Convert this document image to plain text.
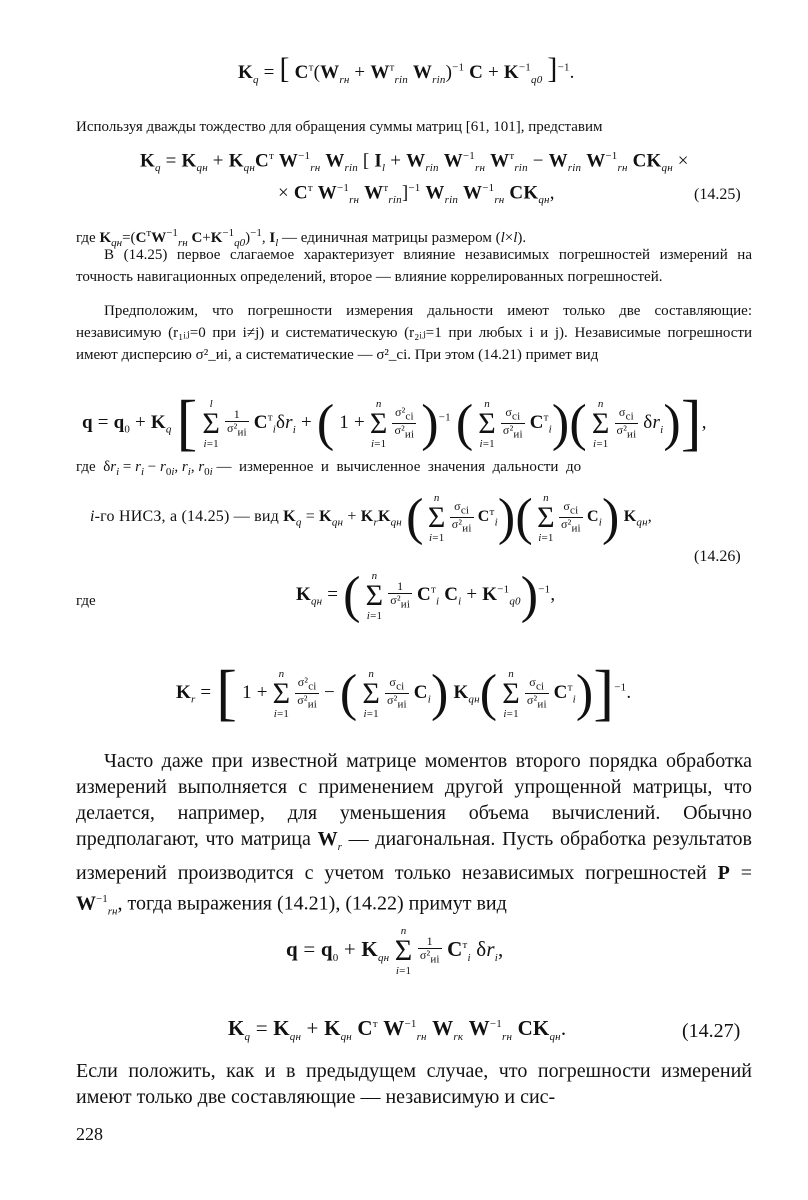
$K_q$ = [ $C^т(W_{rн} + W^т_{rin}$ $W_{rin})^{-1}$ $C + K^{-1}_{q0}$ ]$^{-1}$.

Используя дважды тождество для обращения суммы матриц [61, 101], представим

$K_q = K_{qн} + K_{qн}C^т$ $W^{-1}_{rн}$ $W_{rin}$ [ $I_l + W_{rin}$ $W^{-1}_{rн}$ $W^т_{rin} - W_{rin}$ $W^{-1}_{rн}$ $CK_{qн}$ ×
× $C^т$ $W^{-1}_{rн}$ $W^т_{rin}]^{-1}$ $W_{rin}$ $W^{-1}_{rн}$ $CK_{qн}$,	(14.25)

где $K_{qн}=(C^тW^{-1}_{rн}$ $C+K^{-1}_{q0})^{-1}$, $I_l$ — единичная матрицы размером (l×l).

В (14.25) первое слагаемое характеризует влияние независимых погрешностей измерений на точность навигационных определений, второе — влияние коррелированных погрешностей.

Предположим, что погрешности измерения дальности имеют только две составляющие: независимую (r₁ᵢⱼ=0 при i≠j) и систематическую (r₂ᵢⱼ=1 при любых i и j). Независимые погрешности имеют дисперсию σ²_иi, а систематические — σ²_ci. При этом (14.21) примет вид

$q = q_0 + K_q$ [ l
Σ
i=1
$\frac{1}{\sigma^2_{иi}} C^т_i\delta r_i$ + ( 1 + n
Σ
i=1
$\frac{\sigma^2_{ci}}{\sigma^2_{иi}} )^{-1}$ ( n
Σ
i=1
$\frac{\sigma_{ci}}{\sigma^2_{иi}} C^т_i$)( n
Σ
i=1
$\frac{\sigma_{ci}}{\sigma^2_{иi}} \delta r_i$)],

где  $\delta r_i = r_i - r_{0i}$, $r_i$, $r_{0i}$ —  измеренное  и  вычисленное  значения  дальности  до

i-го НИСЗ, а (14.25) — вид $K_q = K_{qн} + K_rK_{qн}$ ( n
Σ
i=1
$\frac{\sigma_{ci}}{\sigma^2_{иi}} C^т_i$)( n
Σ
i=1
$\frac{\sigma_{ci}}{\sigma^2_{иi}} C_i$) $K_{qн}$,
(14.26)
где	$K_{qн}$ = ( n
Σ
i=1
$\frac{1}{\sigma^2_{иi}} C^т_i$ $C_i + K^{-1}_{q0})^{-1}$,
$K_r$ = [ 1 + n
Σ
i=1
$\frac{\sigma^2_{ci}}{\sigma^2_{иi}}$ − ( n
Σ
i=1
$\frac{\sigma_{ci}}{\sigma^2_{иi}} C_i$) $K_{qн}$( n
Σ
i=1
$\frac{\sigma_{ci}}{\sigma^2_{иi}} C^т_i)]^{-1}$.

Часто даже при известной матрице моментов второго порядка обработка измерений выполняется с применением другой упрощенной матрицы, что делается, например, для уменьшения объема вычислений. Обычно предполагают, что матрица $W_r$ — диагональная. Пусть обработка результатов измерений производится с учетом только независимых погрешностей $P = W^{-1}_{rн}$, тогда выражения (14.21), (14.22) примут вид

$q = q_0 + K_{qн}$ n
Σ
i=1
$\frac{1}{\sigma^2_{иi}} C^т_i$ $\delta r_i$,
$K_q = K_{qн} + K_{qн}$ $C^т$ $W^{-1}_{rн}$ $W_{rк}$ $W^{-1}_{rн}$ $CK_{qн}$.	(14.27)

Если положить, как и в предыдущем случае, что погрешности измерений имеют только две составляющие — независимую и сис-

228
